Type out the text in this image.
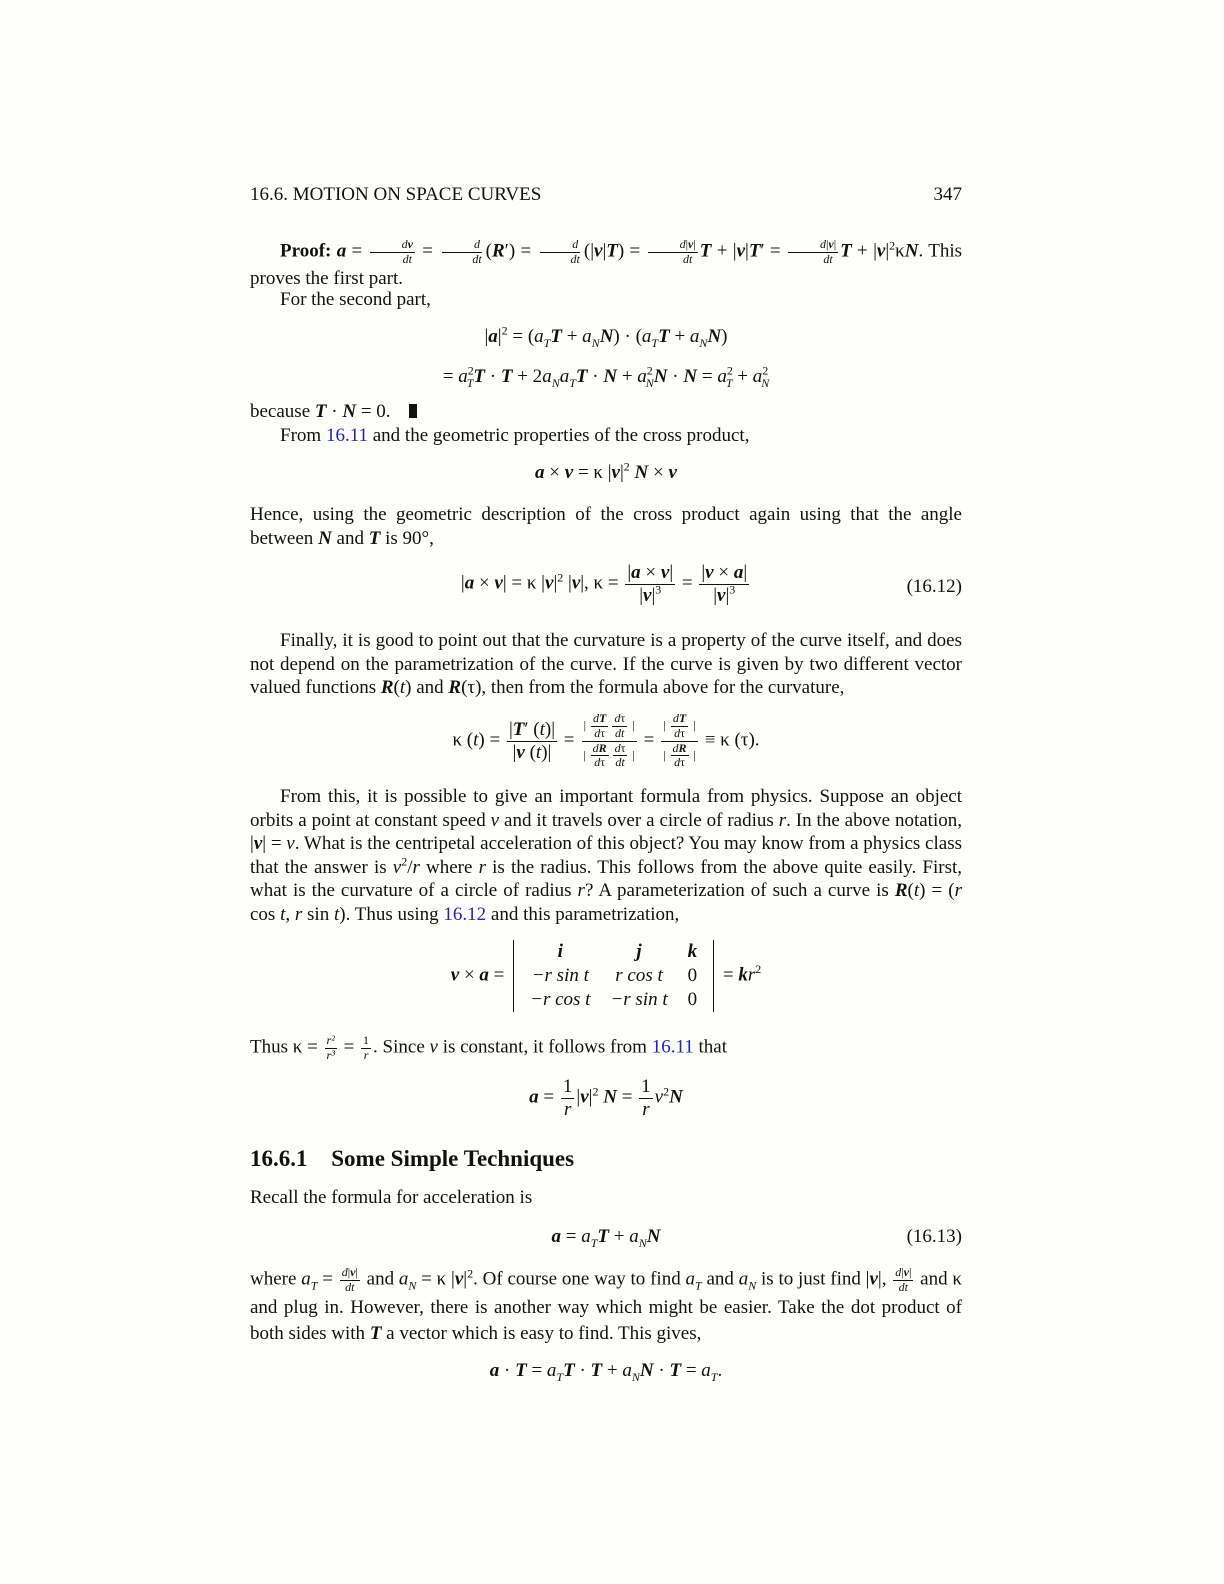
16.6. MOTION ON SPACE CURVES	347
Proof: $a = \frac{dv}{dt} = \frac{d}{dt} (R') = \frac{d}{dt} (|v|T) = \frac{d|v|}{dt}$ $T + |v|T' = \frac{d|v|}{dt}$ $T + |v|^2\kappa N$. This proves the first part.
For the second part,
$|a|^2 = (a_TT + a_NN) \cdot (a_TT + a_NN)$
= $a^2_TT \cdot T + 2a_Na_TT \cdot N + a^2_NN \cdot N = a^2_T + a^2_N$
because T · N = 0.
From 16.11 and the geometric properties of the cross product,
a × v = κ $|v|^2$ N × v
Hence, using the geometric description of the cross product again using that the angle between N and T is 90°,
|a × v| = κ $|v|^2$ |v|, $\kappa = \frac{|a \times v|}{|v|^3} = \frac{|v \times a|}{|v|^3}$	(16.12)
Finally, it is good to point out that the curvature is a property of the curve itself, and does not depend on the parametrization of the curve. If the curve is given by two different vector valued functions R(t) and R(τ), then from the formula above for the curvature,
κ $(t) = \frac{|T' (t)|}{|v (t)|} = \frac{| \frac{dT}{d\tau} \frac{d\tau}{dt} |}{| \frac{dR}{d\tau} \frac{d\tau}{dt} |} = \frac{| \frac{dT}{d\tau} |}{| \frac{dR}{d\tau} |} \equiv \kappa$ (τ).
From this, it is possible to give an important formula from physics. Suppose an object orbits a point at constant speed v and it travels over a circle of radius r. In the above notation, |v| = v. What is the centripetal acceleration of this object? You may know from a physics class that the answer is $v^2/r$ where r is the radius. This follows from the above quite easily. First, what is the curvature of a circle of radius r? A parameterization of such a curve is R(t) = (r cos t, r sin t). Thus using 16.12 and this parametrization,
v × a =
i	j	k
−r sin t	r cos t	0
−r cos t	−r sin t	0
= $kr^2$
Thus $\kappa = \frac{\text{r²}}{\text{r³}} = \frac{1}{r}$ . Since v is constant, it follows from 16.11 that
$a = \frac{1}{r} |v|^2$ $N = \frac{1}{r} v^2N$
16.6.1 Some Simple Techniques
Recall the formula for acceleration is
$a = a_TT + a_NN$	(16.13)
where $a_T = \frac{d|v|}{dt}$ and $a_N = \kappa$ $|v|^2$. Of course one way to find $a_T$ and $a_N$ is to just find |v|, $\frac{d|v|}{dt}$ and κ and plug in. However, there is another way which might be easier. Take the dot product of both sides with T a vector which is easy to find. This gives,
$a \cdot T = a_TT \cdot T + a_NN \cdot T = a_T$.
